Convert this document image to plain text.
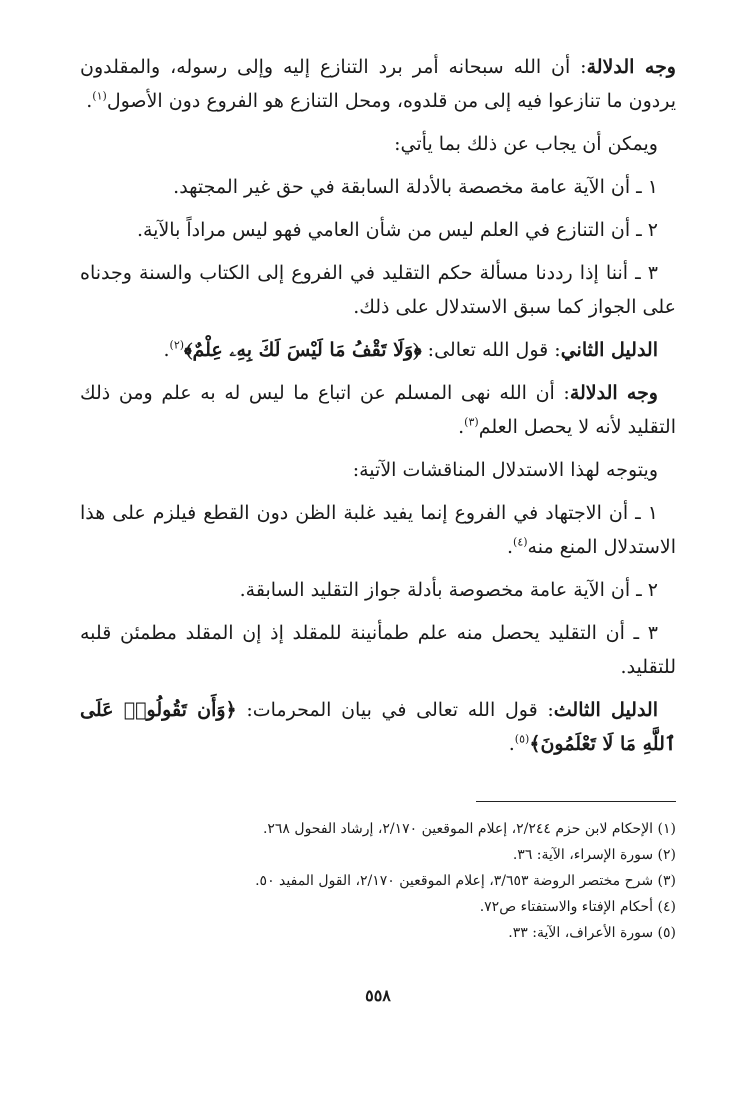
وجه الدلالة: أن الله سبحانه أمر برد التنازع إليه وإلى رسوله، والمقلدون يردون ما تنازعوا فيه إلى من قلدوه، ومحل التنازع هو الفروع دون الأصول$^{(١)}$.

ويمكن أن يجاب عن ذلك بما يأتي:

١ ـ أن الآية عامة مخصصة بالأدلة السابقة في حق غير المجتهد.

٢ ـ أن التنازع في العلم ليس من شأن العامي فهو ليس مراداً بالآية.

٣ ـ أننا إذا رددنا مسألة حكم التقليد في الفروع إلى الكتاب والسنة وجدناه على الجواز كما سبق الاستدلال على ذلك.

الدليل الثاني: قول الله تعالى: ﴿وَلَا تَقْفُ مَا لَيْسَ لَكَ بِهِۦ عِلْمٌ﴾$^{(٢)}$.

وجه الدلالة: أن الله نهى المسلم عن اتباع ما ليس له به علم ومن ذلك التقليد لأنه لا يحصل العلم$^{(٣)}$.

ويتوجه لهذا الاستدلال المناقشات الآتية:

١ ـ أن الاجتهاد في الفروع إنما يفيد غلبة الظن دون القطع فيلزم على هذا الاستدلال المنع منه$^{(٤)}$.

٢ ـ أن الآية عامة مخصوصة بأدلة جواز التقليد السابقة.

٣ ـ أن التقليد يحصل منه علم طمأنينة للمقلد إذ إن المقلد مطمئن قلبه للتقليد.

الدليل الثالث: قول الله تعالى في بيان المحرمات: ﴿وَأَن تَقُولُوا۟ عَلَى ٱللَّهِ مَا لَا تَعْلَمُونَ﴾$^{(٥)}$.

(١) الإحكام لابن حزم ٢/٢٤٤، إعلام الموقعين ٢/١٧٠، إرشاد الفحول ٢٦٨.
(٢) سورة الإسراء، الآية: ٣٦.
(٣) شرح مختصر الروضة ٣/٦٥٣، إعلام الموقعين ٢/١٧٠، القول المفيد ٥٠.
(٤) أحكام الإفتاء والاستفتاء ص٧٢.
(٥) سورة الأعراف، الآية: ٣٣.
٥٥٨
